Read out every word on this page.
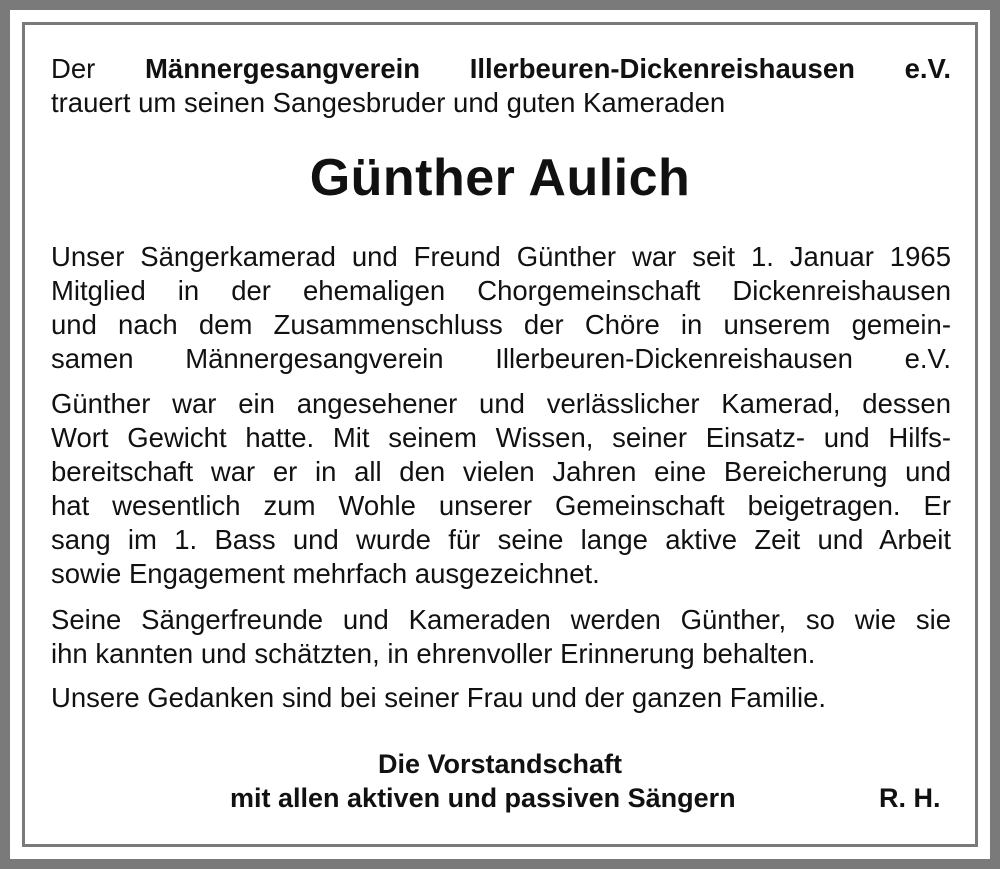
Der Männergesangverein Illerbeuren-Dickenreishausen e.V.
trauert um seinen Sangesbruder und guten Kameraden
Günther Aulich
Unser Sängerkamerad und Freund Günther war seit 1. Januar 1965
Mitglied in der ehemaligen Chorgemeinschaft Dickenreishausen
und nach dem Zusammenschluss der Chöre in unserem gemein-
samen Männergesangverein Illerbeuren-Dickenreishausen e.V.
Günther war ein angesehener und verlässlicher Kamerad, dessen
Wort Gewicht hatte. Mit seinem Wissen, seiner Einsatz- und Hilfs-
bereitschaft war er in all den vielen Jahren eine Bereicherung und
hat wesentlich zum Wohle unserer Gemeinschaft beigetragen. Er
sang im 1. Bass und wurde für seine lange aktive Zeit und Arbeit
sowie Engagement mehrfach ausgezeichnet.
Seine Sängerfreunde und Kameraden werden Günther, so wie sie
ihn kannten und schätzten, in ehrenvoller Erinnerung behalten.
Unsere Gedanken sind bei seiner Frau und der ganzen Familie.
Die Vorstandschaft
mit allen aktiven und passiven Sängern	R. H.
